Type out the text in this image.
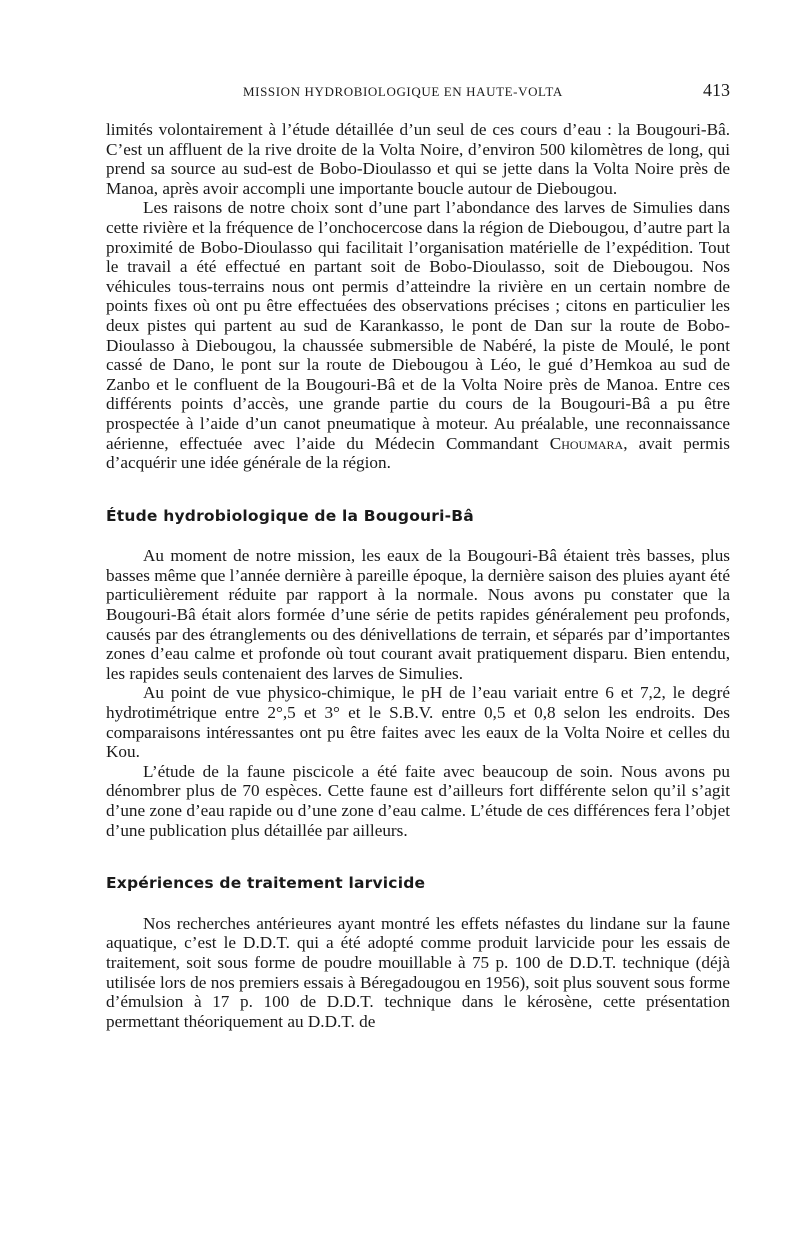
MISSION HYDROBIOLOGIQUE EN HAUTE-VOLTA	413

limités volontairement à l’étude détaillée d’un seul de ces cours d’eau : la Bougouri-Bâ. C’est un affluent de la rive droite de la Volta Noire, d’environ 500 kilomètres de long, qui prend sa source au sud-est de Bobo-Dioulasso et qui se jette dans la Volta Noire près de Manoa, après avoir accompli une importante boucle autour de Diebougou.

Les raisons de notre choix sont d’une part l’abondance des larves de Simulies dans cette rivière et la fréquence de l’onchocercose dans la région de Diebougou, d’autre part la proximité de Bobo-Dioulasso qui facilitait l’organisation matérielle de l’expédition. Tout le travail a été effectué en partant soit de Bobo-Dioulasso, soit de Diebougou. Nos véhicules tous-terrains nous ont permis d’atteindre la rivière en un certain nombre de points fixes où ont pu être effectuées des observations précises ; citons en particulier les deux pistes qui partent au sud de Karankasso, le pont de Dan sur la route de Bobo-Dioulasso à Diebougou, la chaussée submersible de Nabéré, la piste de Moulé, le pont cassé de Dano, le pont sur la route de Diebougou à Léo, le gué d’Hemkoa au sud de Zanbo et le confluent de la Bougouri-Bâ et de la Volta Noire près de Manoa. Entre ces différents points d’accès, une grande partie du cours de la Bougouri-Bâ a pu être prospectée à l’aide d’un canot pneumatique à moteur. Au préalable, une reconnaissance aérienne, effectuée avec l’aide du Médecin Commandant Choumara, avait permis d’acquérir une idée générale de la région.

Étude hydrobiologique de la Bougouri-Bâ

Au moment de notre mission, les eaux de la Bougouri-Bâ étaient très basses, plus basses même que l’année dernière à pareille époque, la dernière saison des pluies ayant été particulièrement réduite par rapport à la normale. Nous avons pu constater que la Bougouri-Bâ était alors formée d’une série de petits rapides généralement peu profonds, causés par des étranglements ou des dénivellations de terrain, et séparés par d’importantes zones d’eau calme et profonde où tout courant avait pratiquement disparu. Bien entendu, les rapides seuls contenaient des larves de Simulies.

Au point de vue physico-chimique, le pH de l’eau variait entre 6 et 7,2, le degré hydrotimétrique entre 2°,5 et 3° et le S.B.V. entre 0,5 et 0,8 selon les endroits. Des comparaisons intéressantes ont pu être faites avec les eaux de la Volta Noire et celles du Kou.

L’étude de la faune piscicole a été faite avec beaucoup de soin. Nous avons pu dénombrer plus de 70 espèces. Cette faune est d’ailleurs fort différente selon qu’il s’agit d’une zone d’eau rapide ou d’une zone d’eau calme. L’étude de ces différences fera l’objet d’une publication plus détaillée par ailleurs.

Expériences de traitement larvicide

Nos recherches antérieures ayant montré les effets néfastes du lindane sur la faune aquatique, c’est le D.D.T. qui a été adopté comme produit larvicide pour les essais de traitement, soit sous forme de poudre mouillable à 75 p. 100 de D.D.T. technique (déjà utilisée lors de nos premiers essais à Béregadougou en 1956), soit plus souvent sous forme d’émulsion à 17 p. 100 de D.D.T. technique dans le kérosène, cette présentation permettant théoriquement au D.D.T. de
